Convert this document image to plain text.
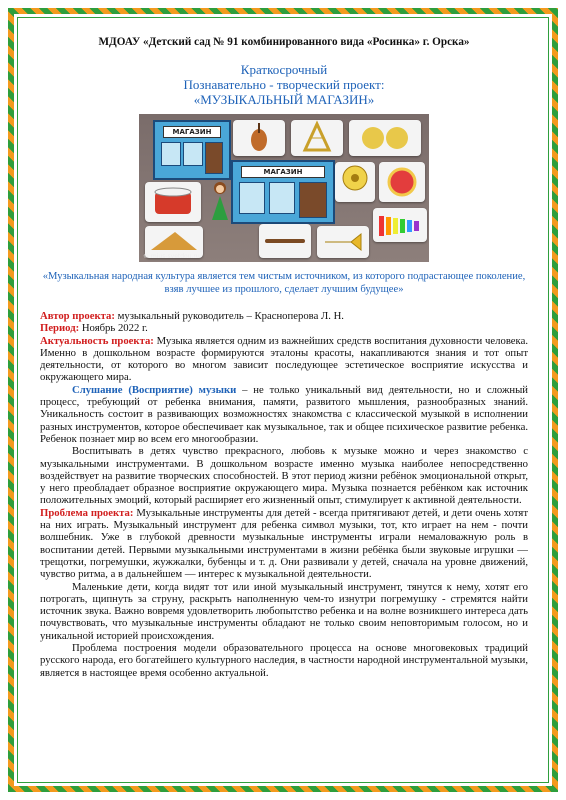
МДОАУ «Детский сад № 91 комбинированного вида «Росинка» г. Орска»

Краткосрочный

Познавательно - творческий проект:

«МУЗЫКАЛЬНЫЙ МАГАЗИН»

МАГАЗИН
МАГАЗИН
© mius-svetdou.ru

«Музыкальная народная культура является тем чистым источником, из которого подрастающее поколение, взяв лучшее из прошлого, сделает лучшим будущее»

Автор проекта: музыкальный руководитель – Красноперова Л. Н.

Период: Ноябрь 2022 г.

Актуальность проекта: Музыка является одним из важнейших средств воспитания духовности человека. Именно в дошкольном возрасте формируются эталоны красоты, накапливаются знания и тот опыт деятельности, от которого во многом зависит последующее эстетическое восприятие искусства и окружающего мира.

Слушание (Восприятие) музыки – не только уникальный вид деятельности, но и сложный процесс, требующий от ребенка внимания, памяти, развитого мышления, разнообразных знаний. Уникальность состоит в развивающих возможностях знакомства с классической музыкой в исполнении разных инструментов, которое обеспечивает как музыкальное, так и общее психическое развитие ребенка. Ребенок познает мир во всем его многообразии.

Воспитывать в детях чувство прекрасного, любовь к музыке можно и через знакомство с музыкальными инструментами. В дошкольном возрасте именно музыка наиболее непосредственно воздействует на развитие творческих способностей. В этот период жизни ребёнок эмоциональной открыт, у него преобладает образное восприятие окружающего мира. Музыка познается ребёнком как источник положительных эмоций, который расширяет его жизненный опыт, стимулирует к активной деятельности.

Проблема проекта: Музыкальные инструменты для детей - всегда притягивают детей, и дети очень хотят на них играть. Музыкальный инструмент для ребенка символ музыки, тот, кто играет на нем - почти волшебник. Уже в глубокой древности музыкальные инструменты играли немаловажную роль в воспитании детей. Первыми музыкальными инструментами в жизни ребёнка были звуковые игрушки — трещотки, погремушки, жужжалки, бубенцы и т. д. Они развивали у детей, сначала на уровне движений, чувство ритма, а в дальнейшем — интерес к музыкальной деятельности.

Маленькие дети, когда видят тот или иной музыкальный инструмент, тянутся к нему, хотят его потрогать, щипнуть за струну, раскрыть наполненную чем-то изнутри погремушку - стремятся найти источник звука. Важно вовремя удовлетворить любопытство ребенка и на волне возникшего интереса дать почувствовать, что музыкальные инструменты обладают не только своим неповторимым голосом, но и уникальной историей происхождения.

Проблема построения модели образовательного процесса на основе многовековых традиций русского народа, его богатейшего культурного наследия, в частности народной инструментальной музыки, является в настоящее время особенно актуальной.
